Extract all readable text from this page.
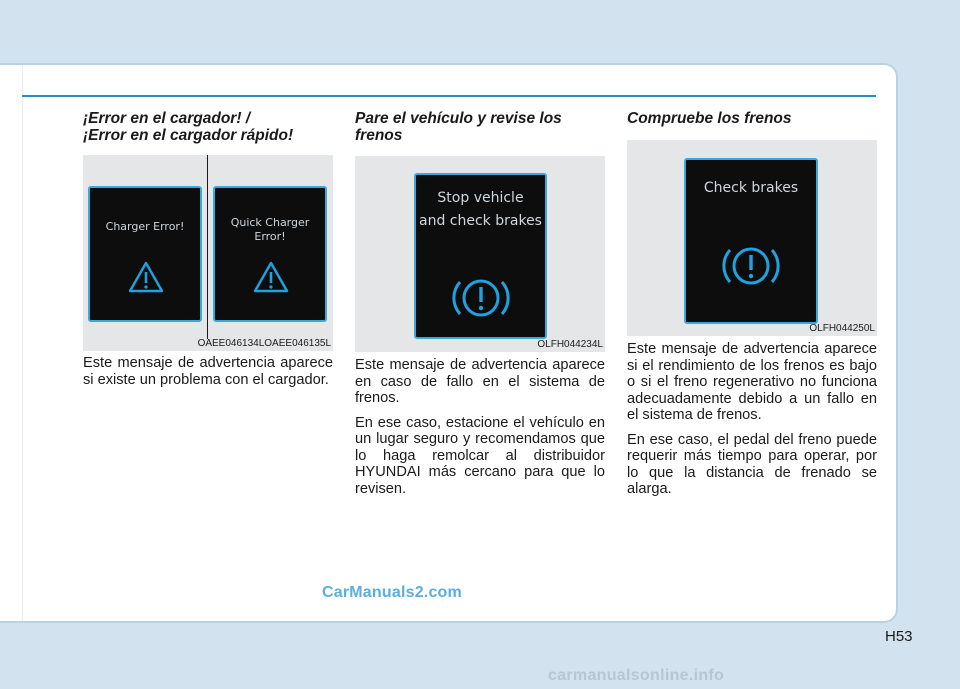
¡Error en el cargador! /
¡Error en el cargador rápido!
Charger Error!	Quick Charger Error!
OAEE046134LOAEE046135L

Este mensaje de advertencia aparece si existe un problema con el cargador.

Pare el vehículo y revise los
frenos
Stop vehicle
and check brakes
OLFH044234L

Este mensaje de advertencia aparece en caso de fallo en el sistema de frenos.

En ese caso, estacione el vehículo en un lugar seguro y recomendamos que lo haga remolcar al distribuidor HYUNDAI más cercano para que lo revisen.

Compruebe los frenos
Check brakes
OLFH044250L

Este mensaje de advertencia aparece si el rendimiento de los frenos es bajo o si el freno regenerativo no funciona adecuadamente debido a un fallo en el sistema de frenos.

En ese caso, el pedal del freno puede requerir más tiempo para operar, por lo que la distancia de frenado se alarga.

CarManuals2.com
H53
carmanualsonline.info
